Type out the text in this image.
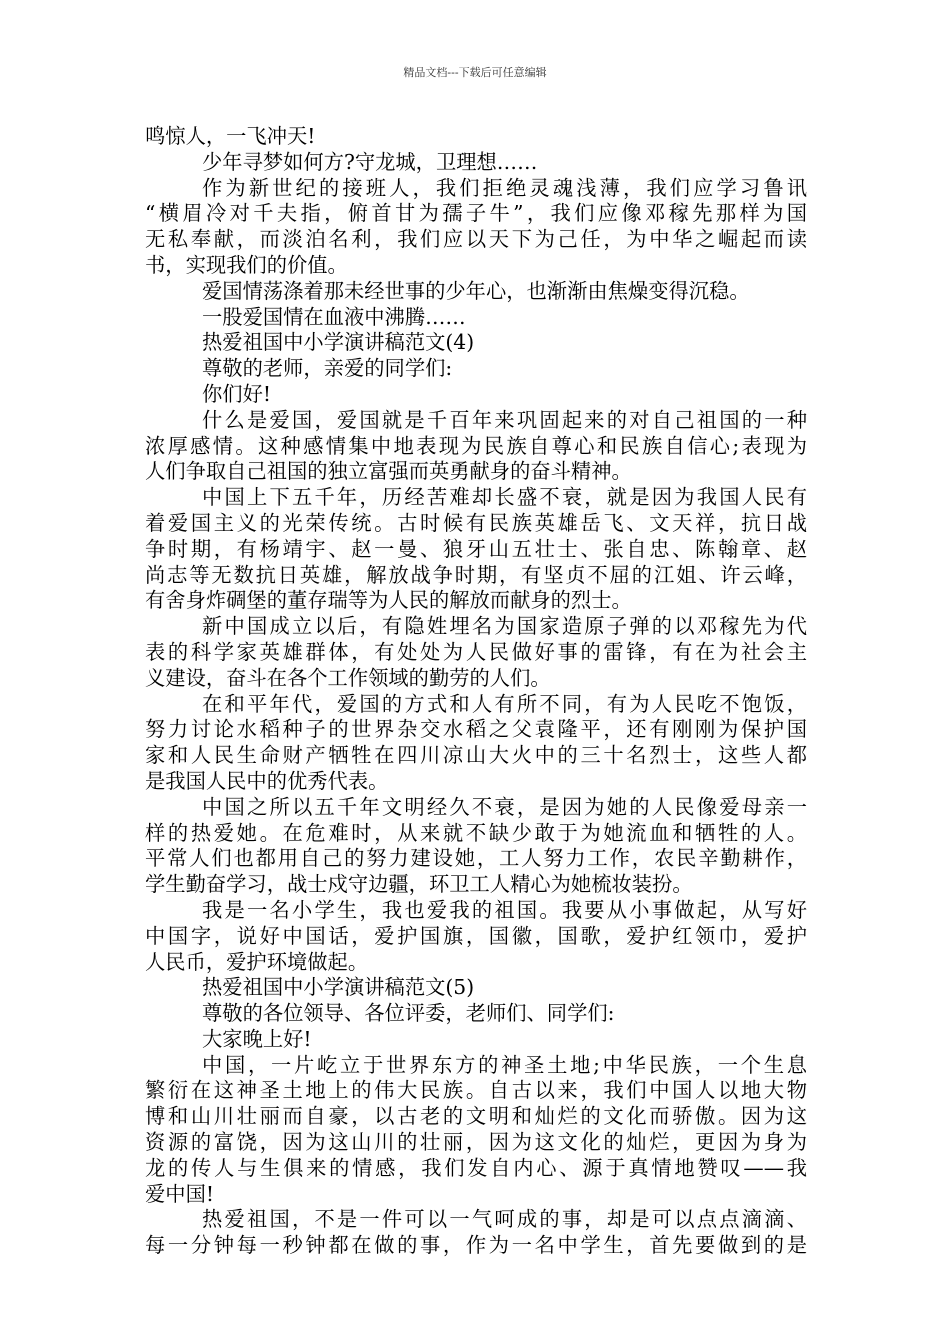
精品文档---下载后可任意编辑

鸣惊人，一飞冲天!

少年寻梦如何方?守龙城，卫理想……

作为新世纪的接班人，我们拒绝灵魂浅薄，我们应学习鲁讯

“横眉冷对千夫指，俯首甘为孺子牛”，我们应像邓稼先那样为国

无私奉献，而淡泊名利，我们应以天下为己任，为中华之崛起而读

书，实现我们的价值。

爱国情荡涤着那未经世事的少年心，也渐渐由焦燥变得沉稳。

一股爱国情在血液中沸腾……

热爱祖国中小学演讲稿范文(4)

尊敬的老师，亲爱的同学们:

你们好!

什么是爱国，爱国就是千百年来巩固起来的对自己祖国的一种

浓厚感情。这种感情集中地表现为民族自尊心和民族自信心;表现为

人们争取自己祖国的独立富强而英勇献身的奋斗精神。

中国上下五千年，历经苦难却长盛不衰，就是因为我国人民有

着爱国主义的光荣传统。古时候有民族英雄岳飞、文天祥，抗日战

争时期，有杨靖宇、赵一曼、狼牙山五壮士、张自忠、陈翰章、赵

尚志等无数抗日英雄，解放战争时期，有坚贞不屈的江姐、许云峰，

有舍身炸碉堡的董存瑞等为人民的解放而献身的烈士。

新中国成立以后，有隐姓埋名为国家造原子弹的以邓稼先为代

表的科学家英雄群体，有处处为人民做好事的雷锋，有在为社会主

义建设，奋斗在各个工作领域的勤劳的人们。

在和平年代，爱国的方式和人有所不同，有为人民吃不饱饭，

努力讨论水稻种子的世界杂交水稻之父袁隆平，还有刚刚为保护国

家和人民生命财产牺牲在四川凉山大火中的三十名烈士，这些人都

是我国人民中的优秀代表。

中国之所以五千年文明经久不衰，是因为她的人民像爱母亲一

样的热爱她。在危难时，从来就不缺少敢于为她流血和牺牲的人。

平常人们也都用自己的努力建设她，工人努力工作，农民辛勤耕作，

学生勤奋学习，战士戍守边疆，环卫工人精心为她梳妆装扮。

我是一名小学生，我也爱我的祖国。我要从小事做起，从写好

中国字，说好中国话，爱护国旗，国徽，国歌，爱护红领巾，爱护

人民币，爱护环境做起。

热爱祖国中小学演讲稿范文(5)

尊敬的各位领导、各位评委，老师们、同学们:

大家晚上好!

中国，一片屹立于世界东方的神圣土地;中华民族，一个生息

繁衍在这神圣土地上的伟大民族。自古以来，我们中国人以地大物

博和山川壮丽而自豪，以古老的文明和灿烂的文化而骄傲。因为这

资源的富饶，因为这山川的壮丽，因为这文化的灿烂，更因为身为

龙的传人与生俱来的情感，我们发自内心、源于真情地赞叹——我

爱中国!

热爱祖国，不是一件可以一气呵成的事，却是可以点点滴滴、

每一分钟每一秒钟都在做的事，作为一名中学生，首先要做到的是
